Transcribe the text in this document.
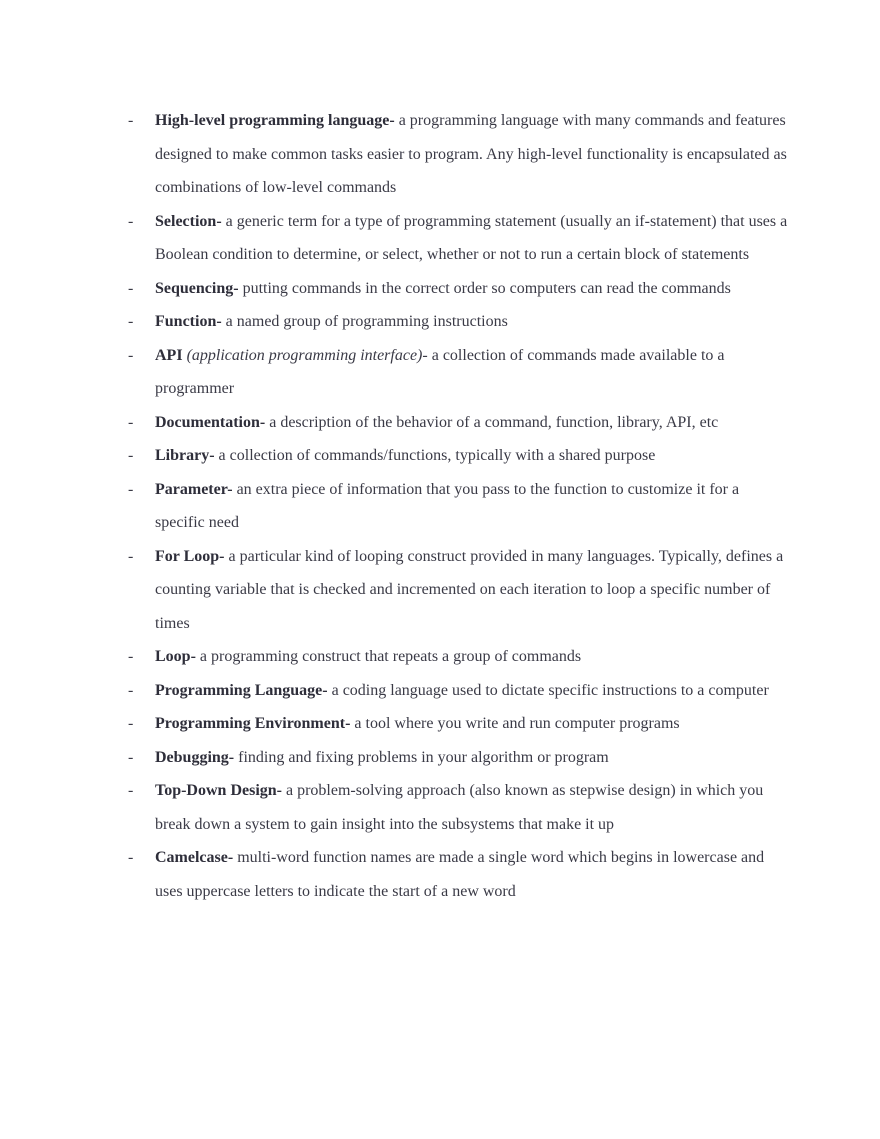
-	High-level programming language- a programming language with many commands and features designed to make common tasks easier to program. Any high-level functionality is encapsulated as combinations of low-level commands
-	Selection- a generic term for a type of programming statement (usually an if-statement) that uses a Boolean condition to determine, or select, whether or not to run a certain block of statements
-	Sequencing- putting commands in the correct order so computers can read the commands
-	Function- a named group of programming instructions
-	API (application programming interface)- a collection of commands made available to a programmer
-	Documentation- a description of the behavior of a command, function, library, API, etc
-	Library- a collection of commands/functions, typically with a shared purpose
-	Parameter- an extra piece of information that you pass to the function to customize it for a specific need
-	For Loop- a particular kind of looping construct provided in many languages. Typically, defines a counting variable that is checked and incremented on each iteration to loop a specific number of times
-	Loop- a programming construct that repeats a group of commands
-	Programming Language- a coding language used to dictate specific instructions to a computer
-	Programming Environment- a tool where you write and run computer programs
-	Debugging- finding and fixing problems in your algorithm or program
-	Top-Down Design- a problem-solving approach (also known as stepwise design) in which you break down a system to gain insight into the subsystems that make it up
-	Camelcase- multi-word function names are made a single word which begins in lowercase and uses uppercase letters to indicate the start of a new word
